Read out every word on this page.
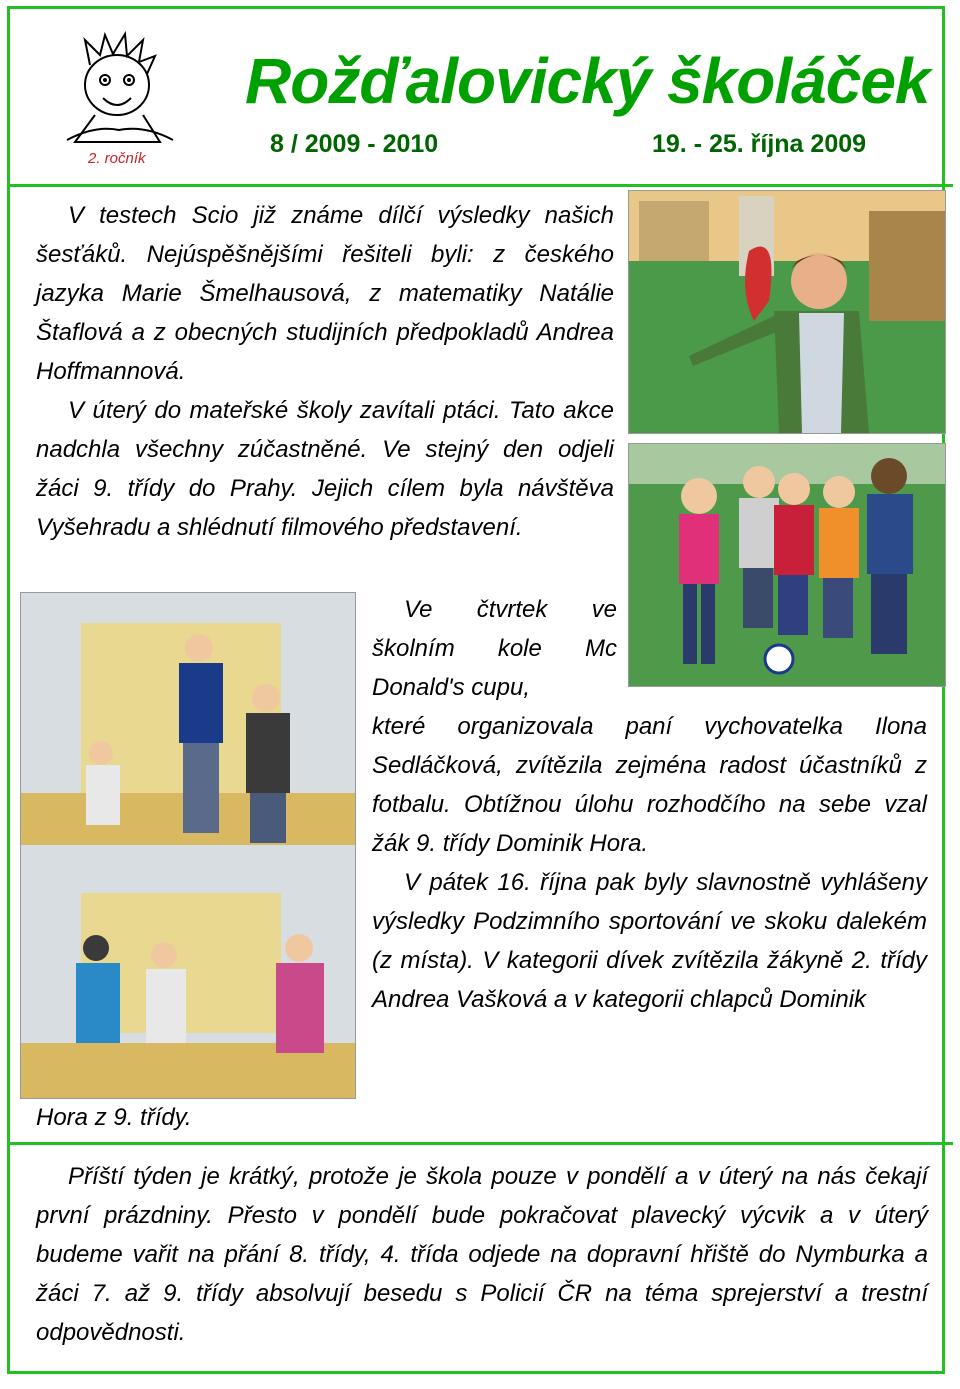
2. ročník
Rožďalovický školáček
8 / 2009 - 2010	19. - 25. října 2009

V testech Scio již známe dílčí výsledky našich šesťáků. Nejúspěšnějšími řešiteli byli: z českého jazyka Marie Šmelhausová, z matematiky Natálie Štaflová a z obecných studijních předpokladů Andrea Hoffmannová.

V úterý do mateřské školy zavítali ptáci. Tato akce nadchla všechny zúčastněné. Ve stejný den odjeli žáci 9. třídy do Prahy. Jejich cílem byla návštěva Vyšehradu a shlédnutí filmového představení.

Ve čtvrtek ve školním kole Mc Donald's cupu,

které organizovala paní vychovatelka Ilona Sedláčková, zvítězila zejména radost účastníků z fotbalu. Obtížnou úlohu rozhodčího na sebe vzal žák 9. třídy Dominik Hora.

V pátek 16. října pak byly slavnostně vyhlášeny výsledky Podzimního sportování ve skoku dalekém (z místa). V kategorii dívek zvítězila žákyně 2. třídy Andrea Vašková a v kategorii chlapců Dominik

Hora z 9. třídy.
Příští týden je krátký, protože je škola pouze v pondělí a v úterý na nás čekají první prázdniny. Přesto v pondělí bude pokračovat plavecký výcvik a v úterý budeme vařit na přání 8. třídy, 4. třída odjede na dopravní hřiště do Nymburka a žáci 7. až 9. třídy absolvují besedu s Policií ČR na téma sprejerství a trestní odpovědnosti.
